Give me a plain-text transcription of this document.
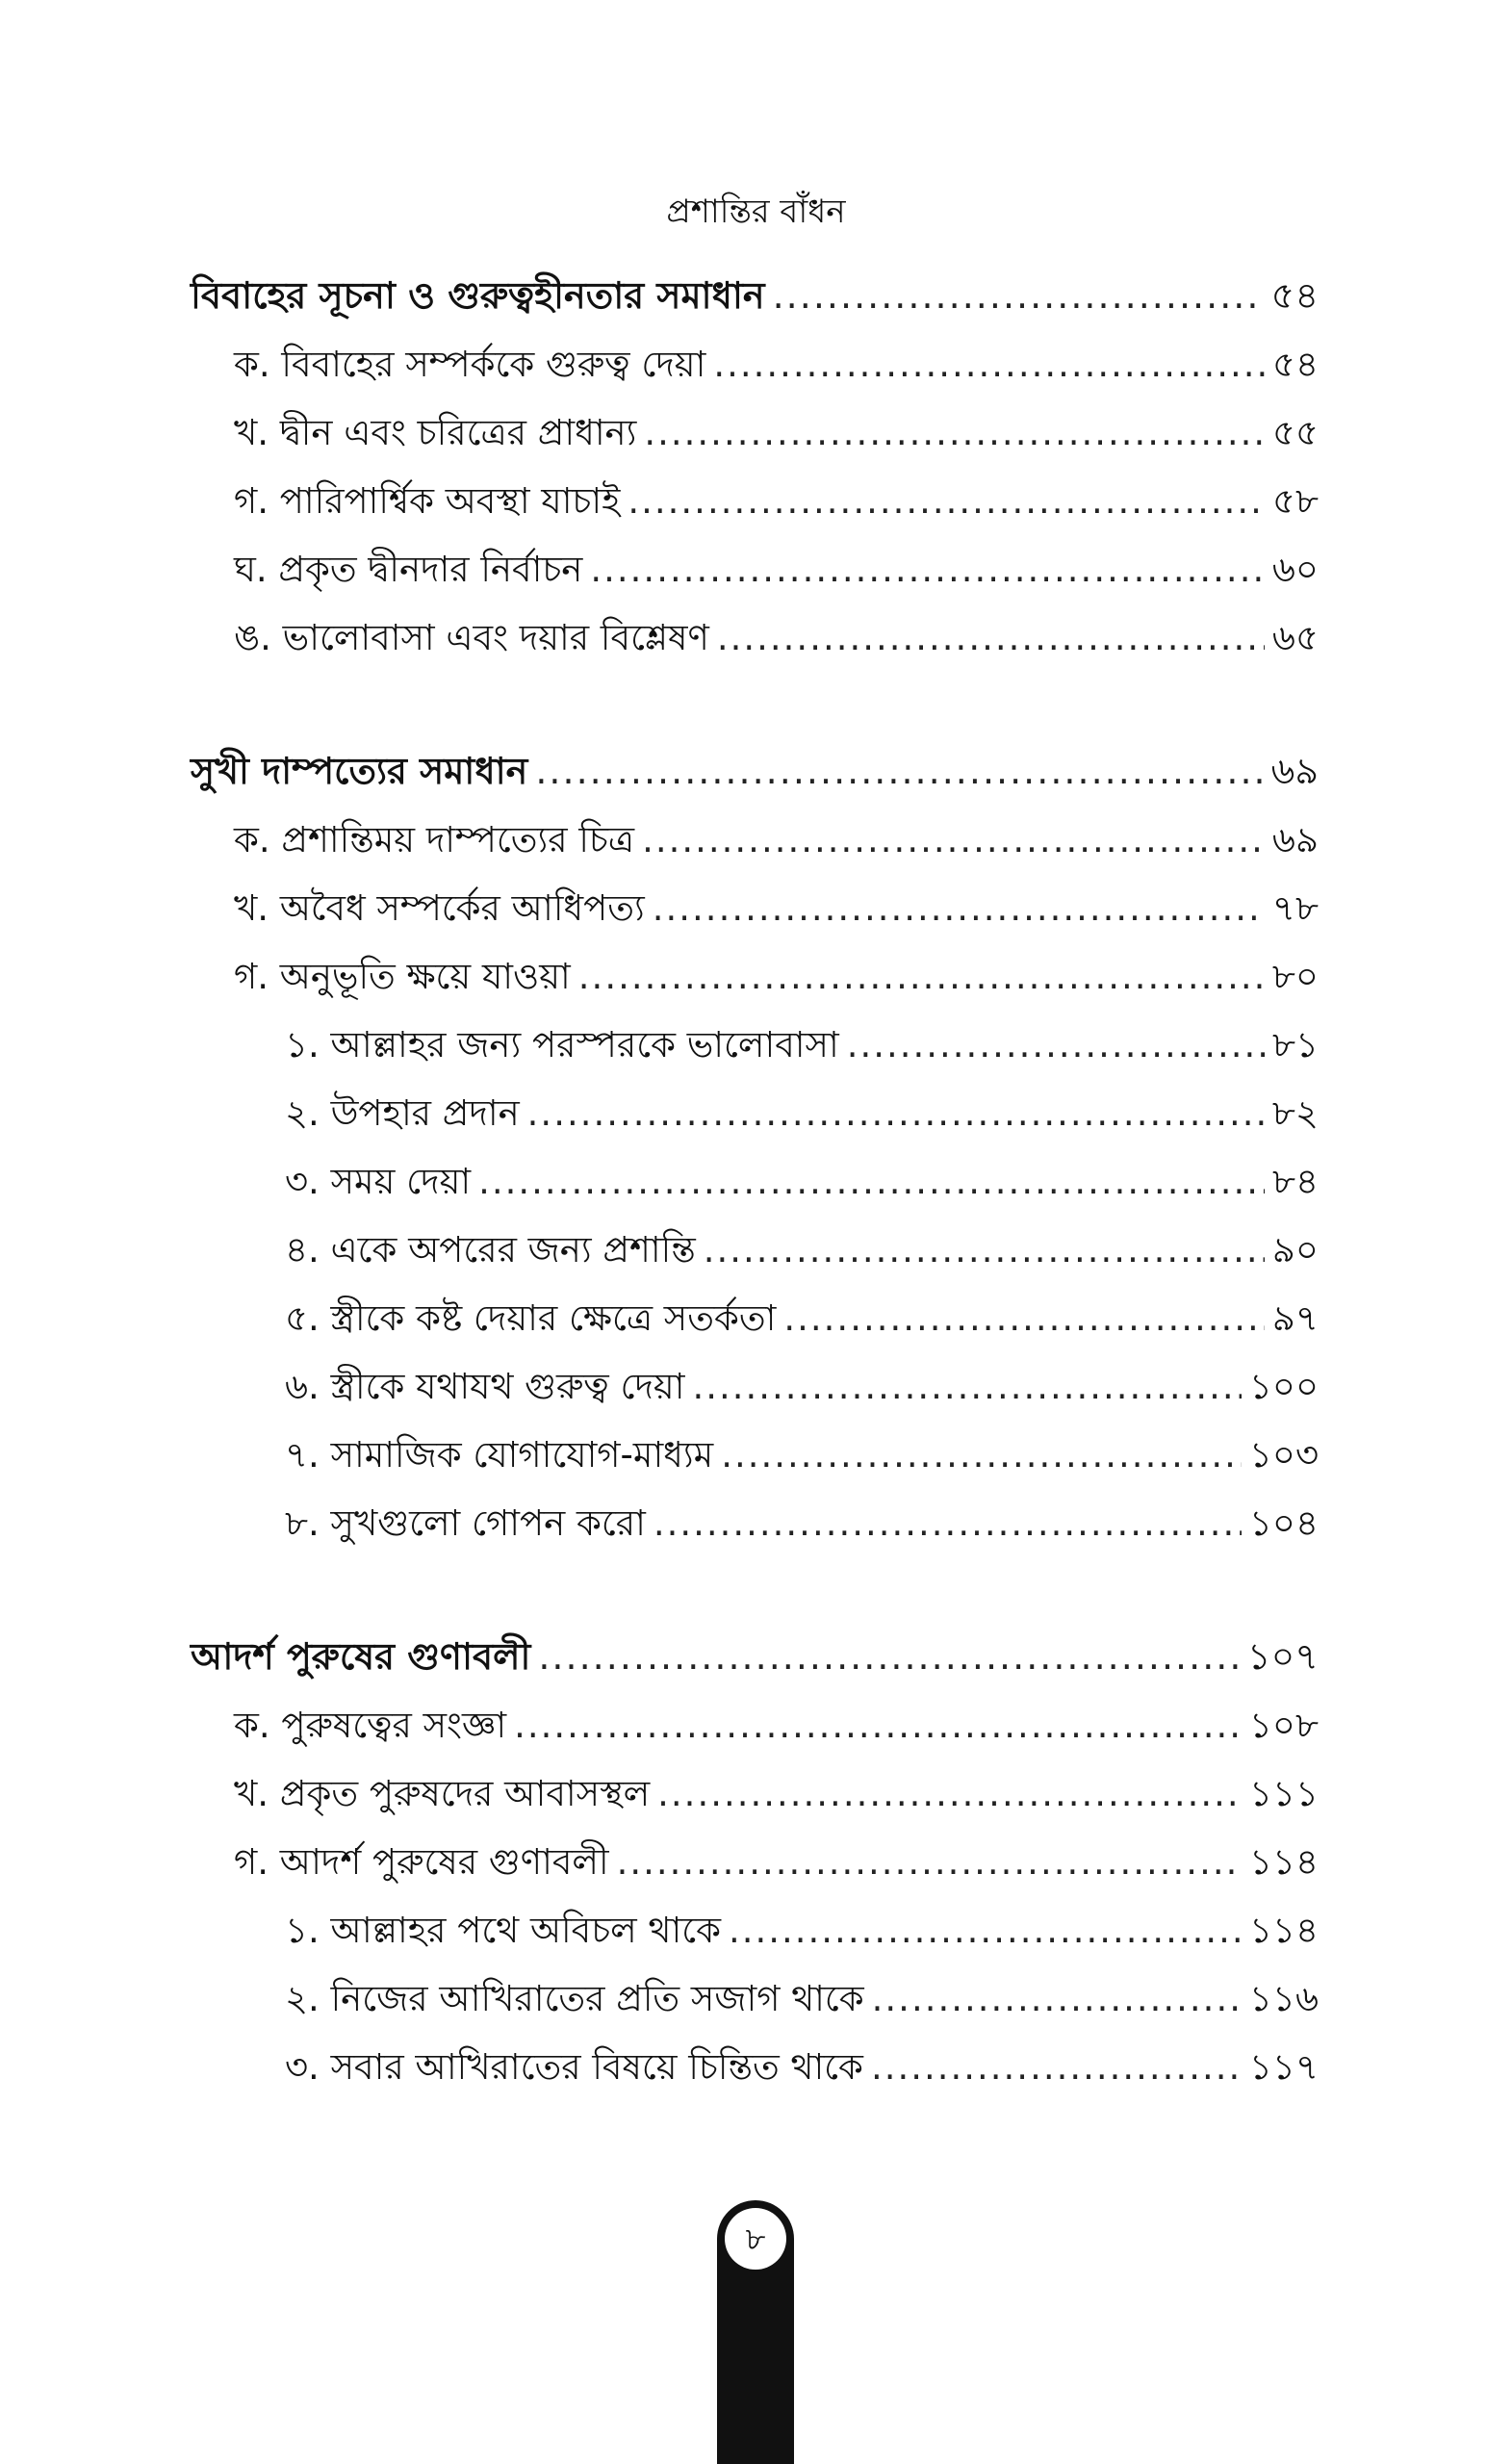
প্রশান্তির বাঁধন
বিবাহের সূচনা ও গুরুত্বহীনতার সমাধান .....	৫৪
ক. বিবাহের সম্পর্ককে গুরুত্ব দেয়া .....	৫৪
খ. দ্বীন এবং চরিত্রের প্রাধান্য .....	৫৫
গ. পারিপার্শ্বিক অবস্থা যাচাই .....	৫৮
ঘ. প্রকৃত দ্বীনদার নির্বাচন .....	৬০
ঙ. ভালোবাসা এবং দয়ার বিশ্লেষণ .....	৬৫
সুখী দাম্পত্যের সমাধান .....	৬৯
ক. প্রশান্তিময় দাম্পত্যের চিত্র .....	৬৯
খ. অবৈধ সম্পর্কের আধিপত্য .....	৭৮
গ. অনুভূতি ক্ষয়ে যাওয়া .....	৮০
১. আল্লাহর জন্য পরস্পরকে ভালোবাসা .....	৮১
২. উপহার প্রদান .....	৮২
৩. সময় দেয়া .....	৮৪
৪. একে অপরের জন্য প্রশান্তি .....	৯০
৫. স্ত্রীকে কষ্ট দেয়ার ক্ষেত্রে সতর্কতা .....	৯৭
৬. স্ত্রীকে যথাযথ গুরুত্ব দেয়া .....	১০০
৭. সামাজিক যোগাযোগ-মাধ্যম .....	১০৩
৮. সুখগুলো গোপন করো .....	১০৪
আদর্শ পুরুষের গুণাবলী .....	১০৭
ক. পুরুষত্বের সংজ্ঞা .....	১০৮
খ. প্রকৃত পুরুষদের আবাসস্থল .....	১১১
গ. আদর্শ পুরুষের গুণাবলী .....	১১৪
১. আল্লাহর পথে অবিচল থাকে .....	১১৪
২. নিজের আখিরাতের প্রতি সজাগ থাকে .....	১১৬
৩. সবার আখিরাতের বিষয়ে চিন্তিত থাকে .....	১১৭
৮
